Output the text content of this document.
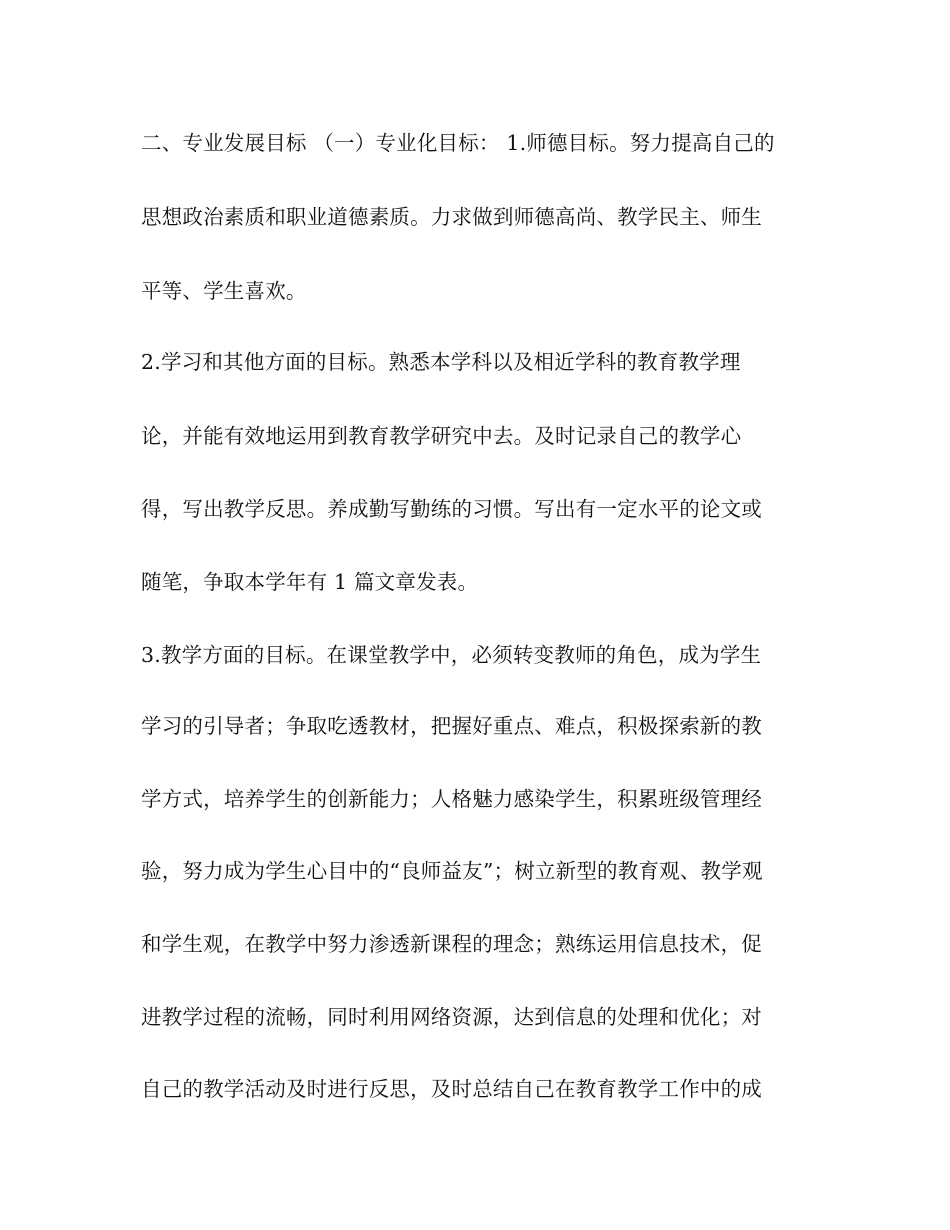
二、专业发展目标 （一）专业化目标： 1.师德目标。努力提高自己的
思想政治素质和职业道德素质。力求做到师德高尚、教学民主、师生
平等、学生喜欢。
2.学习和其他方面的目标。熟悉本学科以及相近学科的教育教学理
论，并能有效地运用到教育教学研究中去。及时记录自己的教学心
得，写出教学反思。养成勤写勤练的习惯。写出有一定水平的论文或
随笔，争取本学年有 1 篇文章发表。
3.教学方面的目标。在课堂教学中，必须转变教师的角色，成为学生
学习的引导者；争取吃透教材，把握好重点、难点，积极探索新的教
学方式，培养学生的创新能力；人格魅力感染学生，积累班级管理经
验，努力成为学生心目中的“良师益友”；树立新型的教育观、教学观
和学生观，在教学中努力渗透新课程的理念；熟练运用信息技术，促
进教学过程的流畅，同时利用网络资源，达到信息的处理和优化；对
自己的教学活动及时进行反思，及时总结自己在教育教学工作中的成
